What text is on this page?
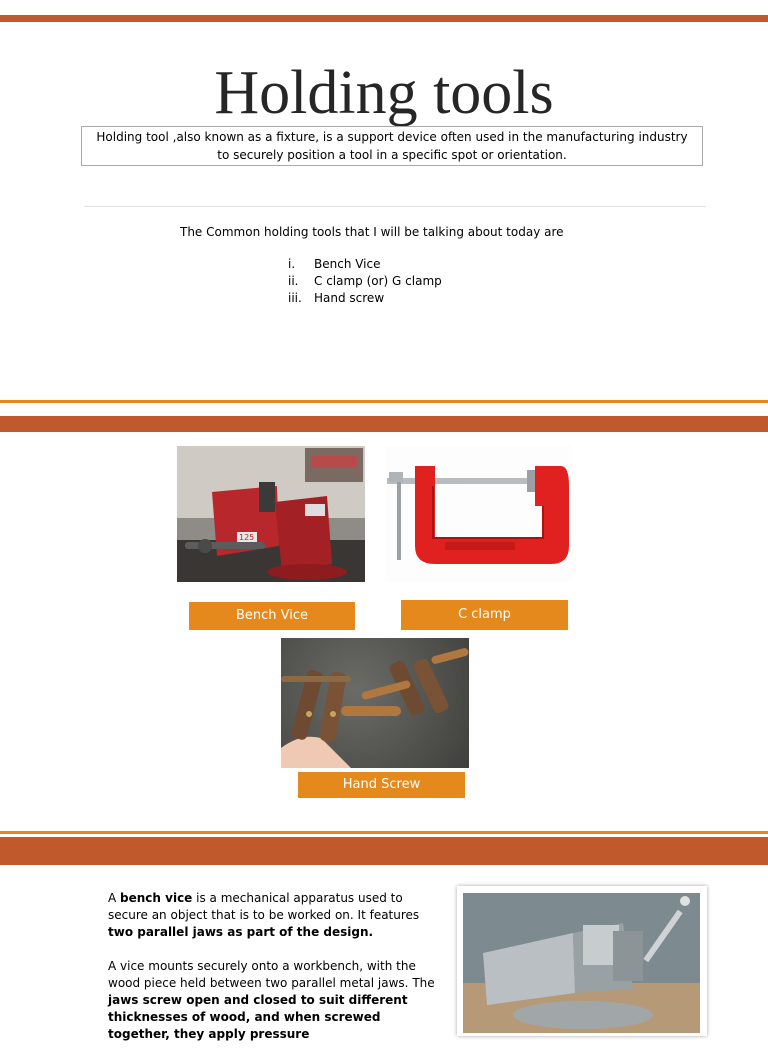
Holding tools
Holding tool ,also known as a fixture, is a support device often used in the manufacturing industry to securely position a tool in a specific spot or orientation.
The Common holding tools that I will be talking about today are
i.	Bench Vice
ii.	C clamp (or) G clamp
iii.	Hand screw
125
Bench Vice	C clamp
Hand Screw

A bench vice is a mechanical apparatus used to secure an object that is to be worked on. It features two parallel jaws as part of the design.

A vice mounts securely onto a workbench, with the wood piece held between two parallel metal jaws. The jaws screw open and closed to suit different thicknesses of wood, and when screwed together, they apply pressure
